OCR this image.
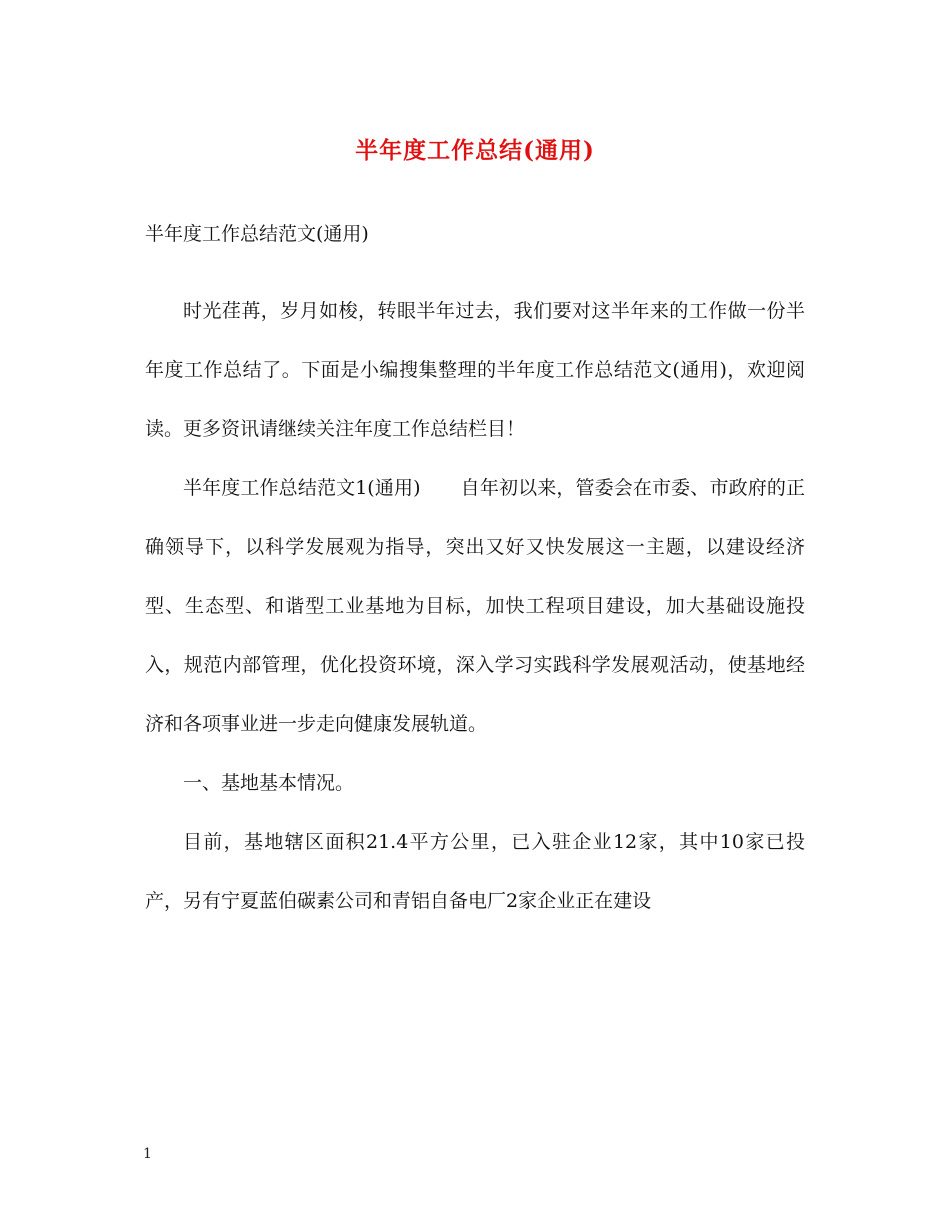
半年度工作总结(通用)
半年度工作总结范文(通用)

时光荏苒，岁月如梭，转眼半年过去，我们要对这半年来的工作做一份半年度工作总结了。下面是小编搜集整理的半年度工作总结范文(通用)，欢迎阅读。更多资讯请继续关注年度工作总结栏目！

半年度工作总结范文1(通用) 自年初以来，管委会在市委、市政府的正确领导下，以科学发展观为指导，突出又好又快发展这一主题，以建设经济型、生态型、和谐型工业基地为目标，加快工程项目建设，加大基础设施投入，规范内部管理，优化投资环境，深入学习实践科学发展观活动，使基地经济和各项事业进一步走向健康发展轨道。

一、基地基本情况。

目前，基地辖区面积21.4平方公里，已入驻企业12家，其中10家已投产，另有宁夏蓝伯碳素公司和青铝自备电厂2家企业正在建设

1
